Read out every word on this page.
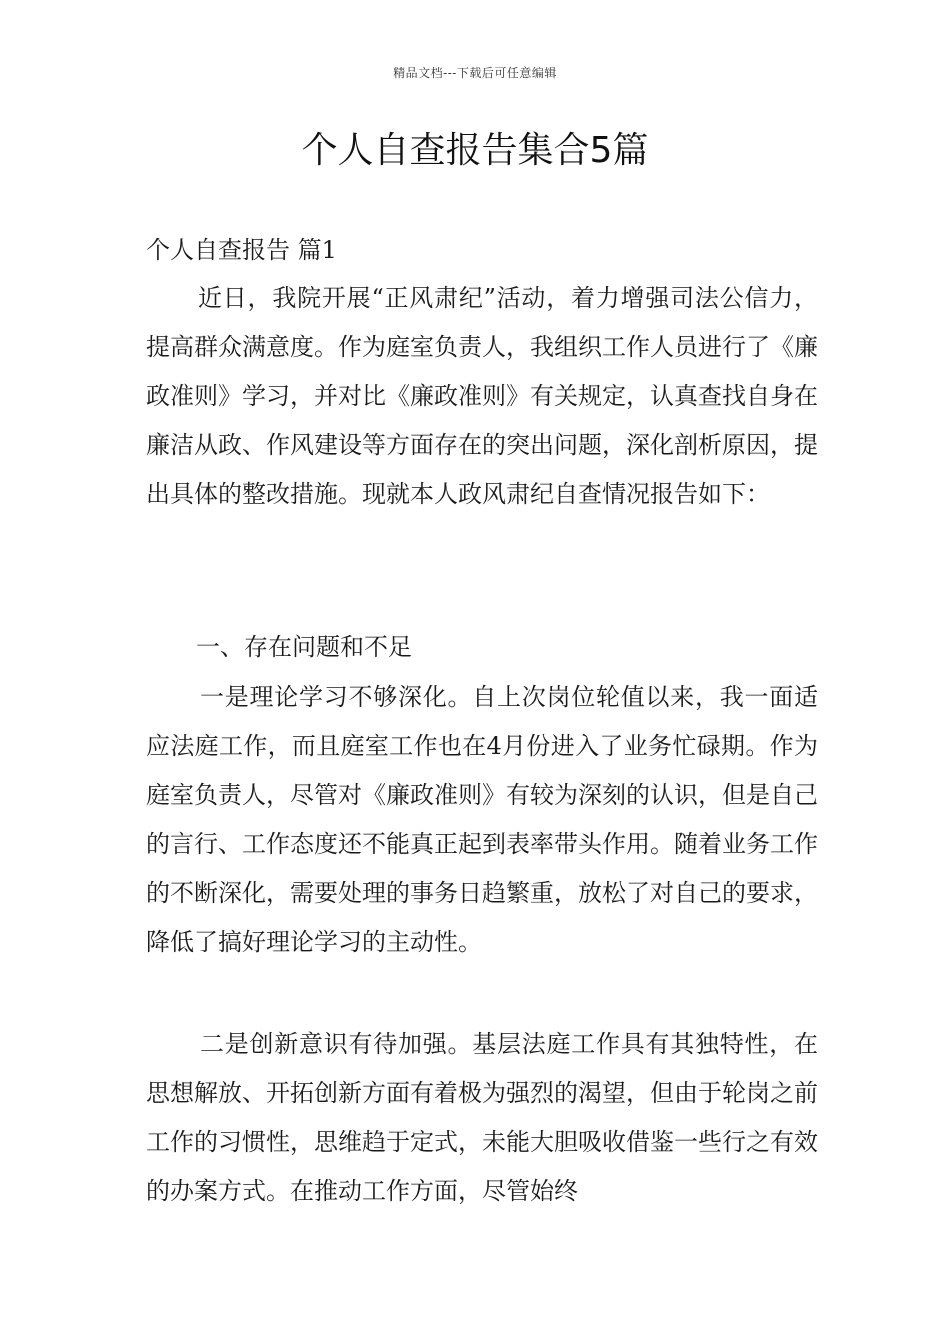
精品文档---下载后可任意编辑
个人自查报告集合5篇
个人自查报告 篇1

近日，我院开展“正风肃纪”活动，着力增强司法公信力，提高群众满意度。作为庭室负责人，我组织工作人员进行了《廉政准则》学习，并对比《廉政准则》有关规定，认真查找自身在廉洁从政、作风建设等方面存在的突出问题，深化剖析原因，提出具体的整改措施。现就本人政风肃纪自查情况报告如下：

一、存在问题和不足

一是理论学习不够深化。自上次岗位轮值以来，我一面适应法庭工作，而且庭室工作也在4月份进入了业务忙碌期。作为庭室负责人，尽管对《廉政准则》有较为深刻的认识，但是自己的言行、工作态度还不能真正起到表率带头作用。随着业务工作的不断深化，需要处理的事务日趋繁重，放松了对自己的要求，降低了搞好理论学习的主动性。

二是创新意识有待加强。基层法庭工作具有其独特性，在思想解放、开拓创新方面有着极为强烈的渴望，但由于轮岗之前工作的习惯性，思维趋于定式，未能大胆吸收借鉴一些行之有效的办案方式。在推动工作方面，尽管始终
